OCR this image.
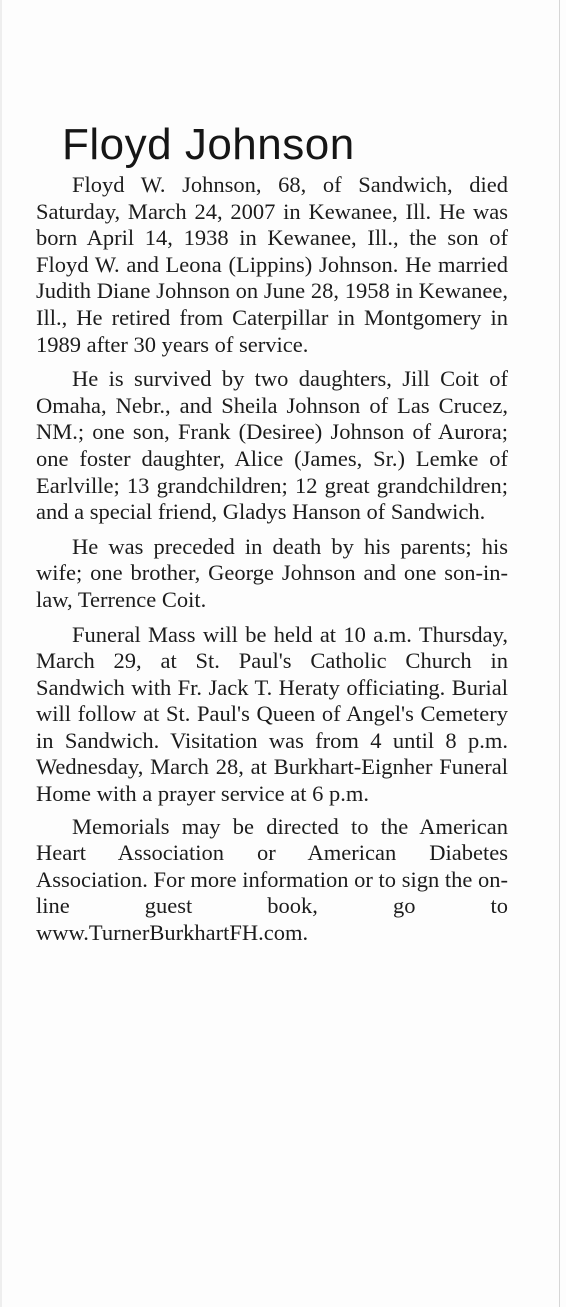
Floyd Johnson

Floyd W. Johnson, 68, of Sandwich, died Saturday, March 24, 2007 in Kewanee, Ill. He was born April 14, 1938 in Kewanee, Ill., the son of Floyd W. and Leona (Lippins) Johnson. He married Judith Diane Johnson on June 28, 1958 in Kewanee, Ill., He retired from Caterpillar in Montgomery in 1989 after 30 years of service.

He is survived by two daughters, Jill Coit of Omaha, Nebr., and Sheila Johnson of Las Crucez, NM.; one son, Frank (Desiree) Johnson of Aurora; one foster daughter, Alice (James, Sr.) Lemke of Earlville; 13 grandchildren; 12 great grandchildren; and a special friend, Gladys Hanson of Sandwich.

He was preceded in death by his parents; his wife; one brother, George Johnson and one son-in-law, Terrence Coit.

Funeral Mass will be held at 10 a.m. Thursday, March 29, at St. Paul's Catholic Church in Sandwich with Fr. Jack T. Heraty officiating. Burial will follow at St. Paul's Queen of Angel's Cemetery in Sandwich. Visitation was from 4 until 8 p.m. Wednesday, March 28, at Burkhart-Eignher Funeral Home with a prayer service at 6 p.m.

Memorials may be directed to the American Heart Association or American Diabetes Association. For more information or to sign the on-line guest book, go to www.TurnerBurkhartFH.com.
